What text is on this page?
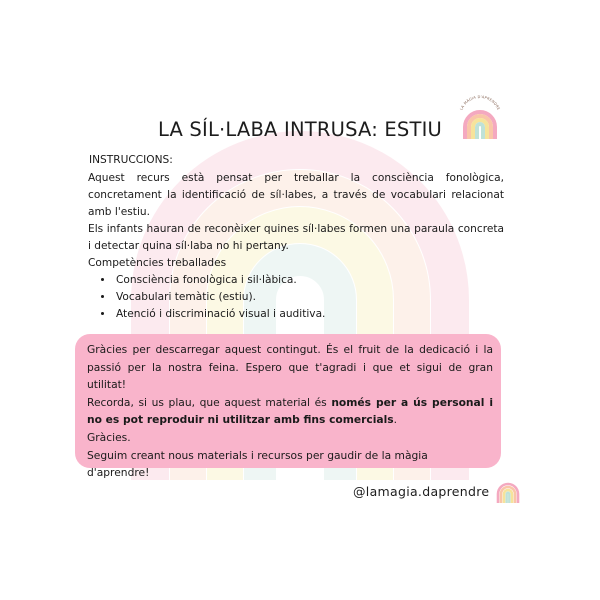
LA MÀGIA D'APRENDRE
LA SÍL·LABA INTRUSA: ESTIU

INSTRUCCIONS:

Aquest recurs està pensat per treballar la consciència fonològica, concretament la identificació de síl·labes, a través de vocabulari relacionat amb l'estiu.

Els infants hauran de reconèixer quines síl·labes formen una paraula concreta i detectar quina síl·laba no hi pertany.

Competències treballades

• Consciència fonològica i sil·làbica.
• Vocabulari temàtic (estiu).
• Atenció i discriminació visual i auditiva.

Gràcies per descarregar aquest contingut. És el fruit de la dedicació i la passió per la nostra feina. Espero que t'agradi i que et sigui de gran utilitat!

Recorda, si us plau, que aquest material és només per a ús personal i no es pot reproduir ni utilitzar amb fins comercials.

Gràcies.

Seguim creant nous materials i recursos per gaudir de la màgia d'aprendre!

@lamagia.daprendre
